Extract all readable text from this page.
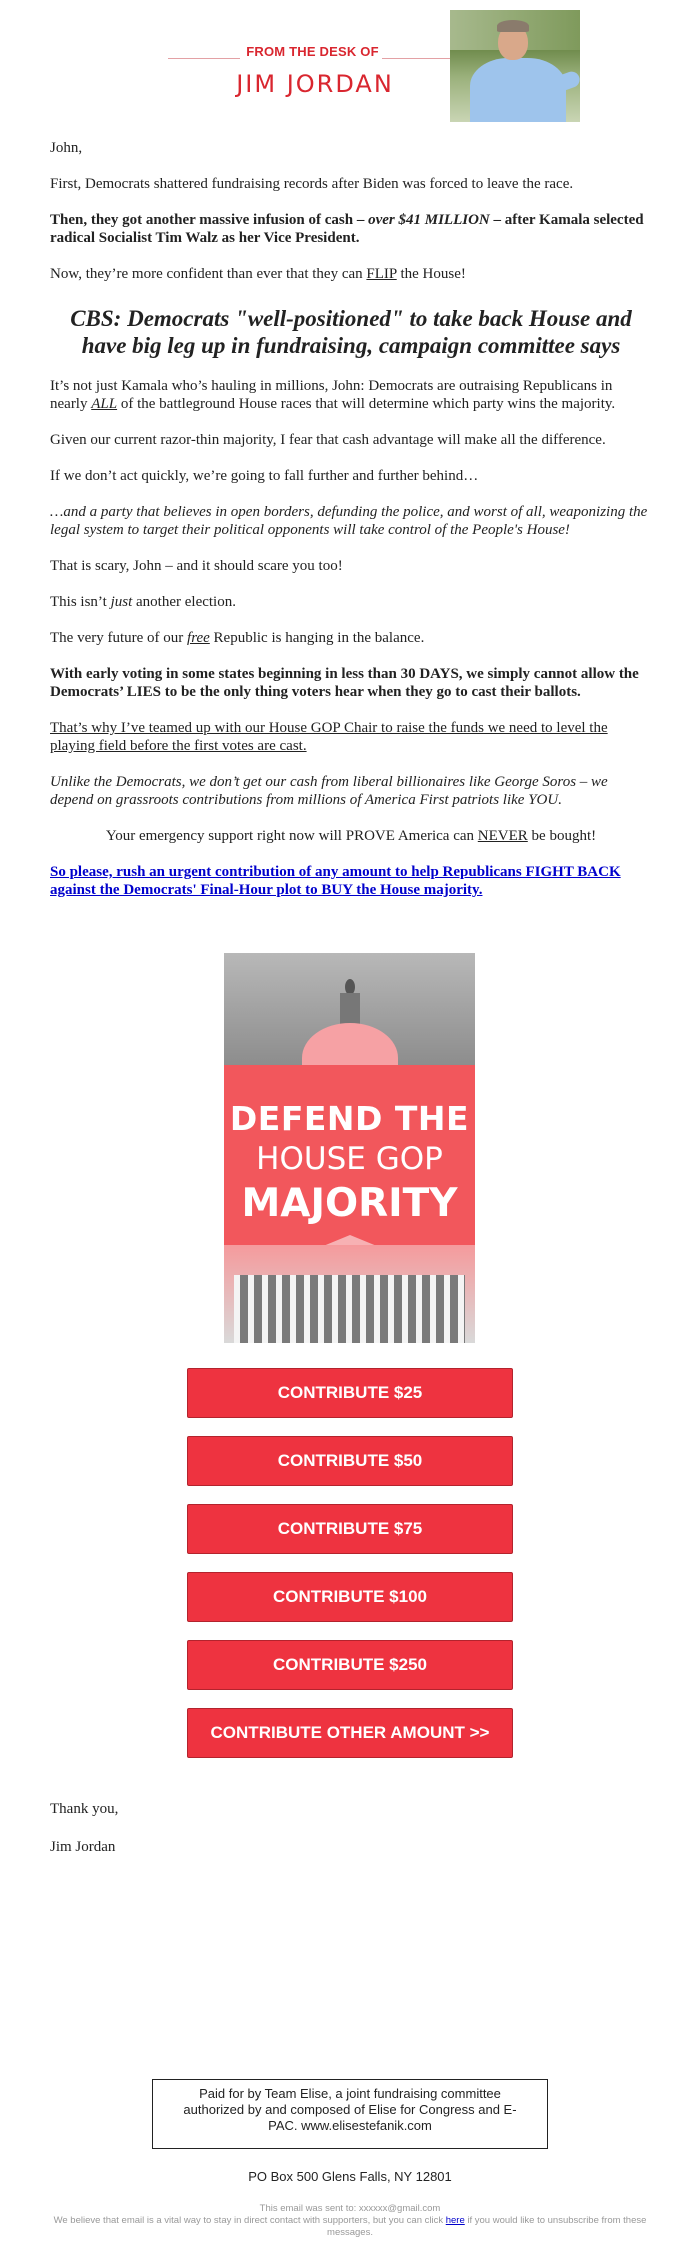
FROM THE DESK OF
JIM JORDAN

John,

First, Democrats shattered fundraising records after Biden was forced to leave the race.

Then, they got another massive infusion of cash – over $41 MILLION – after Kamala selected radical Socialist Tim Walz as her Vice President.

Now, they’re more confident than ever that they can FLIP the House!

CBS: Democrats "well-positioned" to take back House and have big leg up in fundraising, campaign committee says

It’s not just Kamala who’s hauling in millions, John: Democrats are outraising Republicans in nearly ALL of the battleground House races that will determine which party wins the majority.

Given our current razor-thin majority, I fear that cash advantage will make all the difference.

If we don’t act quickly, we’re going to fall further and further behind…

…and a party that believes in open borders, defunding the police, and worst of all, weaponizing the legal system to target their political opponents will take control of the People's House!

That is scary, John – and it should scare you too!

This isn’t just another election.

The very future of our free Republic is hanging in the balance.

With early voting in some states beginning in less than 30 DAYS, we simply cannot allow the Democrats’ LIES to be the only thing voters hear when they go to cast their ballots.

That’s why I’ve teamed up with our House GOP Chair to raise the funds we need to level the playing field before the first votes are cast.

Unlike the Democrats, we don’t get our cash from liberal billionaires like George Soros – we depend on grassroots contributions from millions of America First patriots like YOU.

Your emergency support right now will PROVE America can NEVER be bought!

So please, rush an urgent contribution of any amount to help Republicans FIGHT BACK against the Democrats' Final-Hour plot to BUY the House majority.

DEFEND THE
HOUSE GOP
MAJORITY
CONTRIBUTE $25
CONTRIBUTE $50
CONTRIBUTE $75
CONTRIBUTE $100
CONTRIBUTE $250
CONTRIBUTE OTHER AMOUNT >>

Thank you,

Jim Jordan

Paid for by Team Elise, a joint fundraising committee authorized by and composed of Elise for Congress and E-PAC. www.elisestefanik.com
PO Box 500 Glens Falls, NY 12801
This email was sent to: xxxxxx@gmail.com
We believe that email is a vital way to stay in direct contact with supporters, but you can click here if you would like to unsubscribe from these messages.
